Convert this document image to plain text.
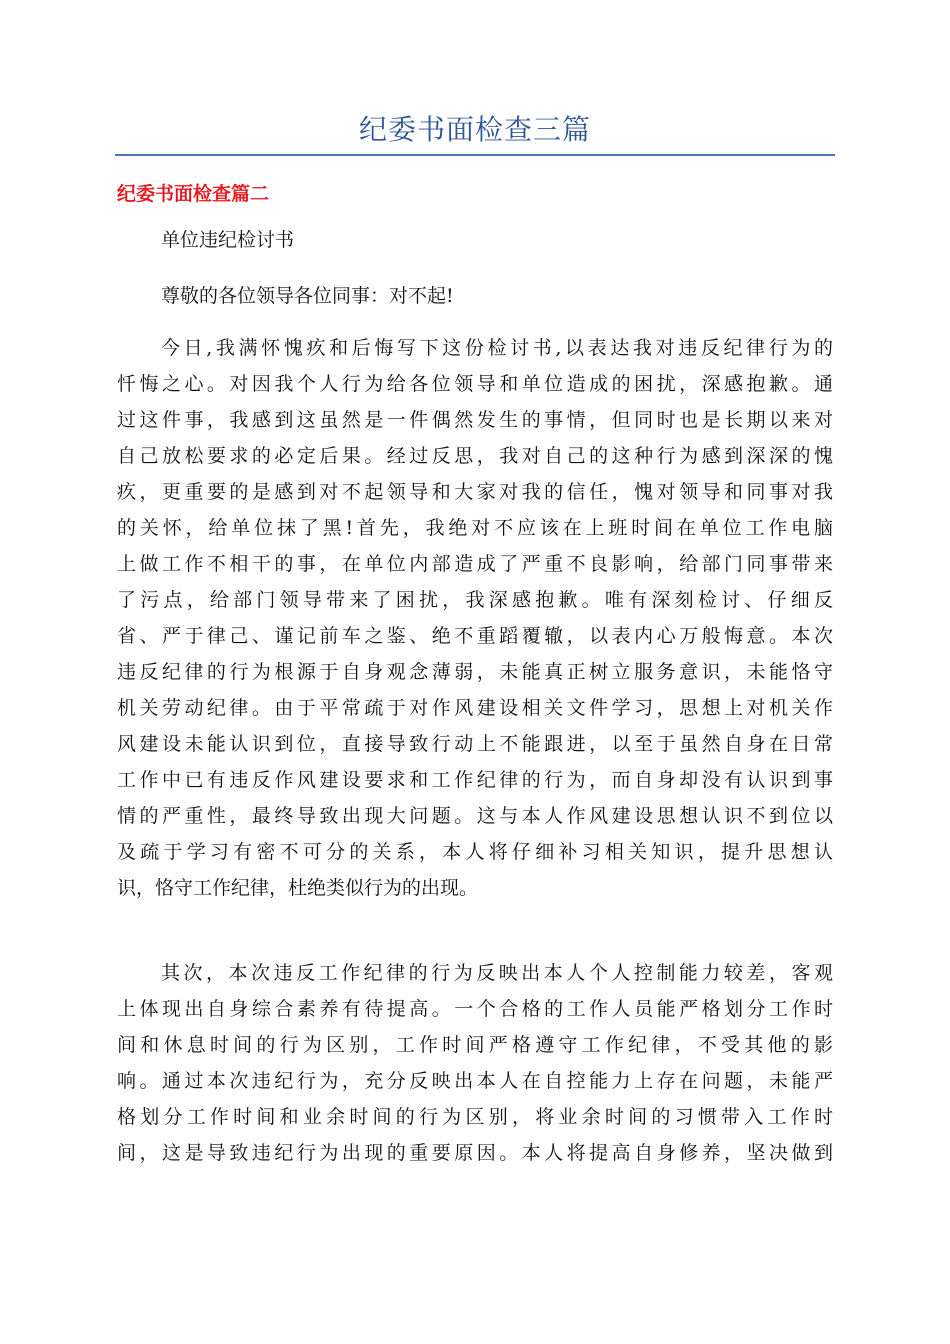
纪委书面检查三篇
纪委书面检查篇二
单位违纪检讨书
尊敬的各位领导各位同事：对不起!
今日,我满怀愧疚和后悔写下这份检讨书,以表达我对违反纪律行为的
忏悔之心。对因我个人行为给各位领导和单位造成的困扰，深感抱歉。通
过这件事，我感到这虽然是一件偶然发生的事情，但同时也是长期以来对
自己放松要求的必定后果。经过反思，我对自己的这种行为感到深深的愧
疚，更重要的是感到对不起领导和大家对我的信任，愧对领导和同事对我
的关怀，给单位抹了黑!首先，我绝对不应该在上班时间在单位工作电脑
上做工作不相干的事，在单位内部造成了严重不良影响，给部门同事带来
了污点，给部门领导带来了困扰，我深感抱歉。唯有深刻检讨、仔细反
省、严于律己、谨记前车之鉴、绝不重蹈覆辙，以表内心万般悔意。本次
违反纪律的行为根源于自身观念薄弱，未能真正树立服务意识，未能恪守
机关劳动纪律。由于平常疏于对作风建设相关文件学习，思想上对机关作
风建设未能认识到位，直接导致行动上不能跟进，以至于虽然自身在日常
工作中已有违反作风建设要求和工作纪律的行为，而自身却没有认识到事
情的严重性，最终导致出现大问题。这与本人作风建设思想认识不到位以
及疏于学习有密不可分的关系，本人将仔细补习相关知识，提升思想认
识，恪守工作纪律，杜绝类似行为的出现。
其次，本次违反工作纪律的行为反映出本人个人控制能力较差，客观
上体现出自身综合素养有待提高。一个合格的工作人员能严格划分工作时
间和休息时间的行为区别，工作时间严格遵守工作纪律，不受其他的影
响。通过本次违纪行为，充分反映出本人在自控能力上存在问题，未能严
格划分工作时间和业余时间的行为区别，将业余时间的习惯带入工作时
间，这是导致违纪行为出现的重要原因。本人将提高自身修养，坚决做到
